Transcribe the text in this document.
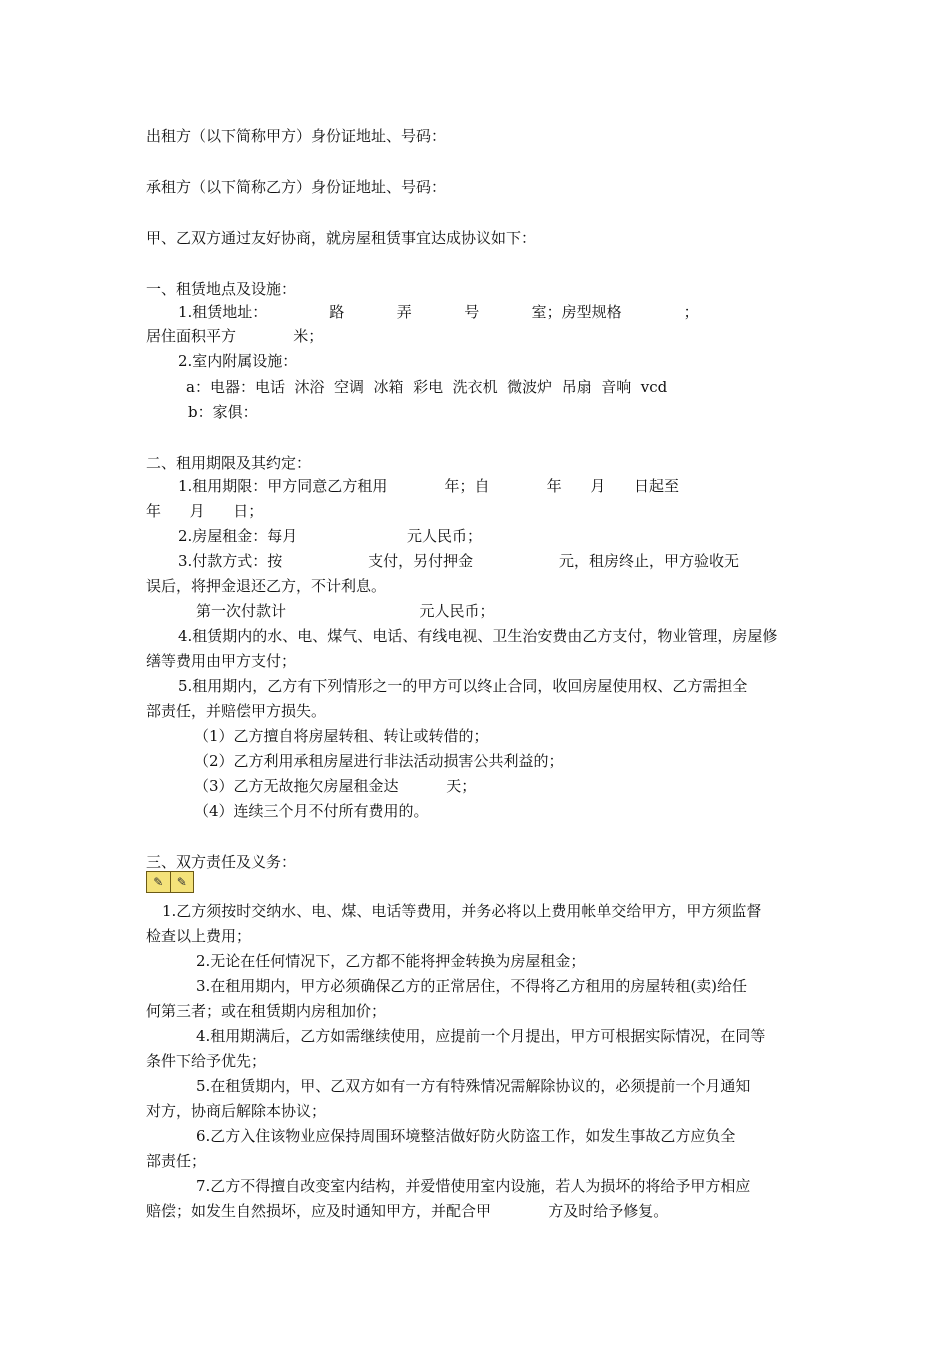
出租方（以下简称甲方）身份证地址、号码：
承租方（以下简称乙方）身份证地址、号码：
甲、乙双方通过友好协商，就房屋租赁事宜达成协议如下：
一、租赁地点及设施：
1.租赁地址：             路           弄           号           室；房型规格             ；
居住面积平方            米；
2.室内附属设施：
a：电器：电话  沐浴  空调  冰箱  彩电  洗衣机  微波炉  吊扇  音响  vcd
b：家俱：
二、租用期限及其约定：
1.租用期限：甲方同意乙方租用            年；自            年      月      日起至
年      月      日；
2.房屋租金：每月                       元人民币；
3.付款方式：按                  支付，另付押金                  元，租房终止，甲方验收无
误后，将押金退还乙方，不计利息。
第一次付款计                            元人民币；
4.租赁期内的水、电、煤气、电话、有线电视、卫生治安费由乙方支付，物业管理，房屋修
缮等费用由甲方支付；
5.租用期内，乙方有下列情形之一的甲方可以终止合同，收回房屋使用权、乙方需担全
部责任，并赔偿甲方损失。
（1）乙方擅自将房屋转租、转让或转借的；
（2）乙方利用承租房屋进行非法活动损害公共利益的；
（3）乙方无故拖欠房屋租金达          天；
（4）连续三个月不付所有费用的。
三、双方责任及义务：
1.乙方须按时交纳水、电、煤、电话等费用，并务必将以上费用帐单交给甲方，甲方须监督
检查以上费用；
2.无论在任何情况下，乙方都不能将押金转换为房屋租金；
3.在租用期内，甲方必须确保乙方的正常居住，不得将乙方租用的房屋转租(卖)给任
何第三者；或在租赁期内房租加价；
4.租用期满后，乙方如需继续使用，应提前一个月提出，甲方可根据实际情况，在同等
条件下给予优先；
5.在租赁期内，甲、乙双方如有一方有特殊情况需解除协议的，必须提前一个月通知
对方，协商后解除本协议；
6.乙方入住该物业应保持周围环境整洁做好防火防盗工作，如发生事故乙方应负全
部责任；
7.乙方不得擅自改变室内结构，并爱惜使用室内设施，若人为损坏的将给予甲方相应
赔偿；如发生自然损坏，应及时通知甲方，并配合甲            方及时给予修复。
✎	✎
